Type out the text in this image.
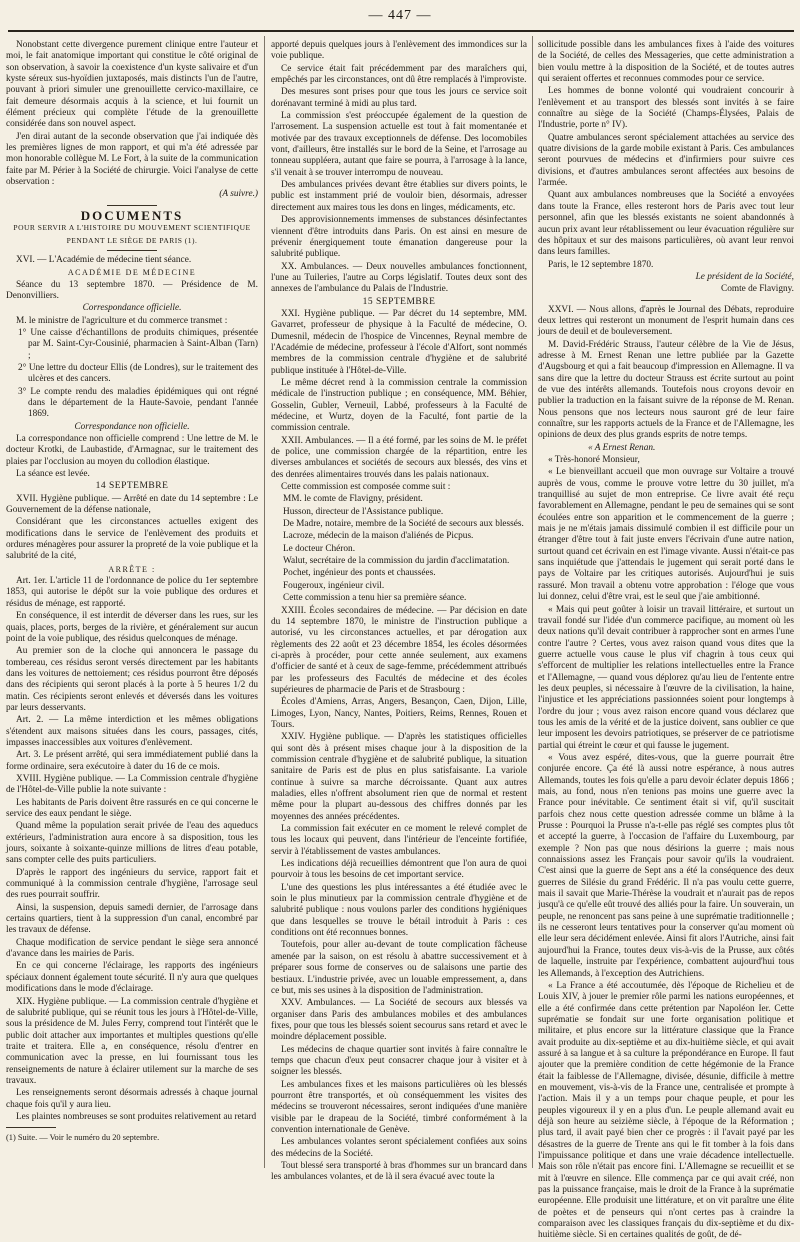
— 447 —

Nonobstant cette divergence purement clinique entre l'auteur et moi, le fait anatomique important qui constitue le côté original de son observation, à savoir la coexistence d'un kyste salivaire et d'un kyste séreux sus-hyoïdien juxtaposés, mais distincts l'un de l'autre, pouvant à priori simuler une grenouillette cervico-maxillaire, ce fait demeure désormais acquis à la science, et lui fournit un élément précieux qui complète l'étude de la grenouillette considérée dans son nouvel aspect.

J'en dirai autant de la seconde observation que j'ai indiquée dès les premières lignes de mon rapport, et qui m'a été adressée par mon honorable collègue M. Le Fort, à la suite de la communication faite par M. Périer à la Société de chirurgie. Voici l'analyse de cette observation :

(A suivre.)

DOCUMENTS

POUR SERVIR A L'HISTOIRE DU MOUVEMENT SCIENTIFIQUE

PENDANT LE SIÈGE DE PARIS (1).

XVI. — L'Académie de médecine tient séance.

ACADÉMIE DE MÉDECINE

Séance du 13 septembre 1870. — Présidence de M. Denonvilliers.

Correspondance officielle.

M. le ministre de l'agriculture et du commerce transmet :

1° Une caisse d'échantillons de produits chimiques, présentée par M. Saint-Cyr-Cousinié, pharmacien à Saint-Alban (Tarn) ;

2° Une lettre du docteur Ellis (de Londres), sur le traitement des ulcères et des cancers.

3° Le compte rendu des maladies épidémiques qui ont régné dans le département de la Haute-Savoie, pendant l'année 1869.

Correspondance non officielle.

La correspondance non officielle comprend : Une lettre de M. le docteur Krotki, de Laubastide, d'Armagnac, sur le traitement des plaies par l'occlusion au moyen du collodion élastique.

La séance est levée.

14 SEPTEMBRE

XVII. Hygiène publique. — Arrêté en date du 14 septembre : Le Gouvernement de la défense nationale,

Considérant que les circonstances actuelles exigent des modifications dans le service de l'enlèvement des produits et ordures ménagères pour assurer la propreté de la voie publique et la salubrité de la cité,

ARRÊTE :

Art. 1er. L'article 11 de l'ordonnance de police du 1er septembre 1853, qui autorise le dépôt sur la voie publique des ordures et résidus de ménage, est rapporté.

En conséquence, il est interdit de déverser dans les rues, sur les quais, places, ports, berges de la rivière, et généralement sur aucun point de la voie publique, des résidus quelconques de ménage.

Au premier son de la cloche qui annoncera le passage du tombereau, ces résidus seront versés directement par les habitants dans les voitures de nettoiement; ces résidus pourront être déposés dans des récipients qui seront placés à la porte à 5 heures 1/2 du matin. Ces récipients seront enlevés et déversés dans les voitures par leurs desservants.

Art. 2. — La même interdiction et les mêmes obligations s'étendent aux maisons situées dans les cours, passages, cités, impasses inaccessibles aux voitures d'enlèvement.

Art. 3. Le présent arrêté, qui sera immédiatement publié dans la forme ordinaire, sera exécutoire à dater du 16 de ce mois.

XVIII. Hygiène publique. — La Commission centrale d'hygiène de l'Hôtel-de-Ville publie la note suivante :

Les habitants de Paris doivent être rassurés en ce qui concerne le service des eaux pendant le siège.

Quand même la population serait privée de l'eau des aqueducs extérieurs, l'administration aura encore à sa disposition, tous les jours, soixante à soixante-quinze millions de litres d'eau potable, sans compter celle des puits particuliers.

D'après le rapport des ingénieurs du service, rapport fait et communiqué à la commission centrale d'hygiène, l'arrosage seul des rues pourrait souffrir.

Ainsi, la suspension, depuis samedi dernier, de l'arrosage dans certains quartiers, tient à la suppression d'un canal, encombré par les travaux de défense.

Chaque modification de service pendant le siège sera annoncé d'avance dans les mairies de Paris.

En ce qui concerne l'éclairage, les rapports des ingénieurs spéciaux donnent également toute sécurité. Il n'y aura que quelques modifications dans le mode d'éclairage.

XIX. Hygiène publique. — La commission centrale d'hygiène et de salubrité publique, qui se réunit tous les jours à l'Hôtel-de-Ville, sous la présidence de M. Jules Ferry, comprend tout l'intérêt que le public doit attacher aux importantes et multiples questions qu'elle traite et traitera. Elle a, en conséquence, résolu d'entrer en communication avec la presse, en lui fournissant tous les renseignements de nature à éclairer utilement sur la marche de ses travaux.

Les renseignements seront désormais adressés à chaque journal chaque fois qu'il y aura lieu.

Les plaintes nombreuses se sont produites relativement au retard

(1) Suite. — Voir le numéro du 20 septembre.

apporté depuis quelques jours à l'enlèvement des immondices sur la voie publique.

Ce service était fait précédemment par des maraîchers qui, empêchés par les circonstances, ont dû être remplacés à l'improviste.

Des mesures sont prises pour que tous les jours ce service soit dorénavant terminé à midi au plus tard.

La commission s'est préoccupée également de la question de l'arrosement. La suspension actuelle est tout à fait momentanée et motivée par des travaux exceptionnels de défense. Des locomobiles vont, d'ailleurs, être installés sur le bord de la Seine, et l'arrosage au tonneau suppléera, autant que faire se pourra, à l'arrosage à la lance, s'il venait à se trouver interrompu de nouveau.

Des ambulances privées devant être établies sur divers points, le public est instamment prié de vouloir bien, désormais, adresser directement aux maires tous les dons en linges, médicaments, etc.

Des approvisionnements immenses de substances désinfectantes viennent d'être introduits dans Paris. On est ainsi en mesure de prévenir énergiquement toute émanation dangereuse pour la salubrité publique.

XX. Ambulances. — Deux nouvelles ambulances fonctionnent, l'une au Tuileries, l'autre au Corps législatif. Toutes deux sont des annexes de l'ambulance du Palais de l'Industrie.

15 SEPTEMBRE

XXI. Hygiène publique. — Par décret du 14 septembre, MM. Gavarret, professeur de physique à la Faculté de médecine, O. Dumesnil, médecin de l'hospice de Vincennes, Reynal membre de l'Académie de médecine, professeur à l'école d'Alfort, sont nommés membres de la commission centrale d'hygiène et de salubrité publique instituée à l'Hôtel-de-Ville.

Le même décret rend à la commission centrale la commission médicale de l'instruction publique ; en conséquence, MM. Béhier, Gosselin, Gubler, Verneuil, Labbé, professeurs à la Faculté de médecine, et Wurtz, doyen de la Faculté, font partie de la commission centrale.

XXII. Ambulances. — Il a été formé, par les soins de M. le préfet de police, une commission chargée de la répartition, entre les diverses ambulances et sociétés de secours aux blessés, des vins et des denrées alimentaires trouvés dans les palais nationaux.

Cette commission est composée comme suit :

MM. le comte de Flavigny, président.

Husson, directeur de l'Assistance publique.

De Madre, notaire, membre de la Société de secours aux blessés.

Lacroze, médecin de la maison d'aliénés de Picpus.

Le docteur Chéron.

Walut, secrétaire de la commission du jardin d'acclimatation.

Pochet, ingénieur des ponts et chaussées.

Fougeroux, ingénieur civil.

Cette commission a tenu hier sa première séance.

XXIII. Écoles secondaires de médecine. — Par décision en date du 14 septembre 1870, le ministre de l'instruction publique a autorisé, vu les circonstances actuelles, et par dérogation aux règlements des 22 août et 23 décembre 1854, les écoles désormées ci-après à procéder, pour cette année seulement, aux examens d'officier de santé et à ceux de sage-femme, précédemment attribués par les professeurs des Facultés de médecine et des écoles supérieures de pharmacie de Paris et de Strasbourg :

Écoles d'Amiens, Arras, Angers, Besançon, Caen, Dijon, Lille, Limoges, Lyon, Nancy, Nantes, Poitiers, Reims, Rennes, Rouen et Tours.

XXIV. Hygiène publique. — D'après les statistiques officielles qui sont dès à présent mises chaque jour à la disposition de la commission centrale d'hygiène et de salubrité publique, la situation sanitaire de Paris est de plus en plus satisfaisante. La variole continue à suivre sa marche décroissante. Quant aux autres maladies, elles n'offrent absolument rien que de normal et restent même pour la plupart au-dessous des chiffres donnés par les moyennes des années précédentes.

La commission fait exécuter en ce moment le relevé complet de tous les locaux qui peuvent, dans l'intérieur de l'enceinte fortifiée, servir à l'établissement de vastes ambulances.

Les indications déjà recueillies démontrent que l'on aura de quoi pourvoir à tous les besoins de cet important service.

L'une des questions les plus intéressantes a été étudiée avec le soin le plus minutieux par la commission centrale d'hygiène et de salubrité publique : nous voulons parler des conditions hygiéniques que dans lesquelles se trouve le bétail introduit à Paris : ces conditions ont été reconnues bonnes.

Toutefois, pour aller au-devant de toute complication fâcheuse amenée par la saison, on est résolu à abattre successivement et à préparer sous forme de conserves ou de salaisons une partie des bestiaux. L'industrie privée, avec un louable empressement, a, dans ce but, mis ses usines à la disposition de l'administration.

XXV. Ambulances. — La Société de secours aux blessés va organiser dans Paris des ambulances mobiles et des ambulances fixes, pour que tous les blessés soient secourus sans retard et avec le moindre déplacement possible.

Les médecins de chaque quartier sont invités à faire connaître le temps que chacun d'eux peut consacrer chaque jour à visiter et à soigner les blessés.

Les ambulances fixes et les maisons particulières où les blessés pourront être transportés, et où conséquemment les visites des médecins se trouveront nécessaires, seront indiquées d'une manière visible par le drapeau de la Société, timbré conformément à la convention internationale de Genève.

Les ambulances volantes seront spécialement confiées aux soins des médecins de la Société.

Tout blessé sera transporté à bras d'hommes sur un brancard dans les ambulances volantes, et de là il sera évacué avec toute la

sollicitude possible dans les ambulances fixes à l'aide des voitures de la Société, de celles des Messageries, que cette administration a bien voulu mettre à la disposition de la Société, et de toutes autres qui seraient offertes et reconnues commodes pour ce service.

Les hommes de bonne volonté qui voudraient concourir à l'enlèvement et au transport des blessés sont invités à se faire connaître au siège de la Société (Champs-Élysées, Palais de l'Industrie, porte n° IV).

Quatre ambulances seront spécialement attachées au service des quatre divisions de la garde mobile existant à Paris. Ces ambulances seront pourvues de médecins et d'infirmiers pour suivre ces divisions, et d'autres ambulances seront affectées aux besoins de l'armée.

Quant aux ambulances nombreuses que la Société a envoyées dans toute la France, elles resteront hors de Paris avec tout leur personnel, afin que les blessés existants ne soient abandonnés à aucun prix avant leur rétablissement ou leur évacuation régulière sur des hôpitaux et sur des maisons particulières, où avant leur renvoi dans leurs familles.

Paris, le 12 septembre 1870.

Le président de la Société,

Comte de Flavigny.

XXVI. — Nous allons, d'après le Journal des Débats, reproduire deux lettres qui resteront un monument de l'esprit humain dans ces jours de deuil et de bouleversement.

M. David-Frédéric Strauss, l'auteur célèbre de la Vie de Jésus, adresse à M. Ernest Renan une lettre publiée par la Gazette d'Augsbourg et qui a fait beaucoup d'impression en Allemagne. Il va sans dire que la lettre du docteur Strauss est écrite surtout au point de vue des intérêts allemands. Toutefois nous croyons devoir en publier la traduction en la faisant suivre de la réponse de M. Renan. Nous pensons que nos lecteurs nous sauront gré de leur faire connaître, sur les rapports actuels de la France et de l'Allemagne, les opinions de deux des plus grands esprits de notre temps.

« A Ernest Renan.

« Très-honoré Monsieur,

« Le bienveillant accueil que mon ouvrage sur Voltaire a trouvé auprès de vous, comme le prouve votre lettre du 30 juillet, m'a tranquillisé au sujet de mon entreprise. Ce livre avait été reçu favorablement en Allemagne, pendant le peu de semaines qui se sont écoulées entre son apparition et le commencement de la guerre ; mais je ne m'étais jamais dissimulé combien il est difficile pour un étranger d'être tout à fait juste envers l'écrivain d'une autre nation, surtout quand cet écrivain en est l'image vivante. Aussi n'était-ce pas sans inquiétude que j'attendais le jugement qui serait porté dans le pays de Voltaire par les critiques autorisés. Aujourd'hui je suis rassuré. Mon travail a obtenu votre approbation : l'éloge que vous lui donnez, celui d'être vrai, est le seul que j'aie ambitionné.

« Mais qui peut goûter à loisir un travail littéraire, et surtout un travail fondé sur l'idée d'un commerce pacifique, au moment où les deux nations qu'il devait contribuer à rapprocher sont en armes l'une contre l'autre ? Certes, vous avez raison quand vous dites que la guerre actuelle vous cause le plus vif chagrin à tous ceux qui s'efforcent de multiplier les relations intellectuelles entre la France et l'Allemagne, — quand vous déplorez qu'au lieu de l'entente entre les deux peuples, si nécessaire à l'œuvre de la civilisation, la haine, l'injustice et les appréciations passionnées soient pour longtemps à l'ordre du jour ; vous avez raison encore quand vous déclarez que tous les amis de la vérité et de la justice doivent, sans oublier ce que leur imposent les devoirs patriotiques, se préserver de ce patriotisme partial qui étreint le cœur et qui fausse le jugement.

« Vous avez espéré, dites-vous, que la guerre pourrait être conjurée encore. Ça été là aussi notre espérance, à nous autres Allemands, toutes les fois qu'elle a paru devoir éclater depuis 1866 ; mais, au fond, nous n'en tenions pas moins une guerre avec la France pour inévitable. Ce sentiment était si vif, qu'il suscitait parfois chez nous cette question adressée comme un blâme à la Prusse : Pourquoi la Prusse n'a-t-elle pas réglé ses comptes plus tôt et accepté la guerre, à l'occasion de l'affaire du Luxembourg, par exemple ? Non pas que nous désirions la guerre ; mais nous connaissions assez les Français pour savoir qu'ils la voudraient. C'est ainsi que la guerre de Sept ans a été la conséquence des deux guerres de Silésie du grand Frédéric. Il n'a pas voulu cette guerre, mais il savait que Marie-Thérèse la voudrait et n'aurait pas de repos jusqu'à ce qu'elle eût trouvé des alliés pour la faire. Un souverain, un peuple, ne renoncent pas sans peine à une suprématie traditionnelle ; ils ne cesseront leurs tentatives pour la conserver qu'au moment où elle leur sera décidément enlevée. Ainsi fit alors l'Autriche, ainsi fait aujourd'hui la France, toutes deux vis-à-vis de la Prusse, aux côtés de laquelle, instruite par l'expérience, combattent aujourd'hui tous les Allemands, à l'exception des Autrichiens.

« La France a été accoutumée, dès l'époque de Richelieu et de Louis XIV, à jouer le premier rôle parmi les nations européennes, et elle a été confirmée dans cette prétention par Napoléon Ier. Cette suprématie se fondait sur une forte organisation politique et militaire, et plus encore sur la littérature classique que la France avait produite au dix-septième et au dix-huitième siècle, et qui avait assuré à sa langue et à sa culture la prépondérance en Europe. Il faut ajouter que la première condition de cette hégémonie de la France était la faiblesse de l'Allemagne, divisée, désunie, difficile à mettre en mouvement, vis-à-vis de la France une, centralisée et prompte à l'action. Mais il y a un temps pour chaque peuple, et pour les peuples vigoureux il y en a plus d'un. Le peuple allemand avait eu déjà son heure au seizième siècle, à l'époque de la Réformation ; plus tard, il avait payé bien cher ce progrès : il l'avait payé par les désastres de la guerre de Trente ans qui le fit tomber à la fois dans l'impuissance politique et dans une vraie décadence intellectuelle. Mais son rôle n'était pas encore fini. L'Allemagne se recueillit et se mit à l'œuvre en silence. Elle commença par ce qui avait créé, non pas la puissance française, mais le droit de la France à la suprématie européenne. Elle produisit une littérature, et on vit paraître une élite de poètes et de penseurs qui n'ont certes pas à craindre la comparaison avec les classiques français du dix-septième et du dix-huitième siècle. Si en certaines qualités de goût, de dé-
